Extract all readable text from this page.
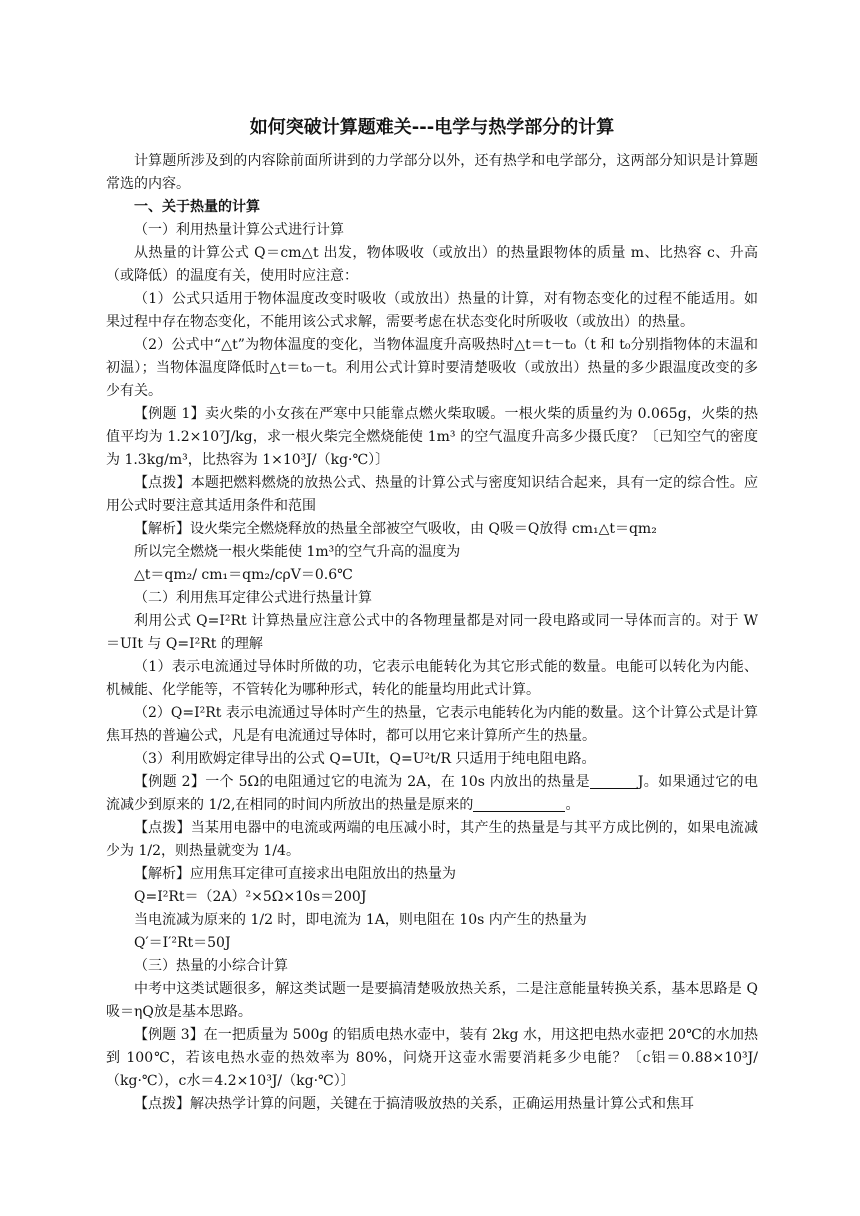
如何突破计算题难关---电学与热学部分的计算

计算题所涉及到的内容除前面所讲到的力学部分以外，还有热学和电学部分，这两部分知识是计算题常选的内容。

一、关于热量的计算

（一）利用热量计算公式进行计算

从热量的计算公式 Q＝cm△t 出发，物体吸收（或放出）的热量跟物体的质量 m、比热容 c、升高（或降低）的温度有关，使用时应注意：

（1）公式只适用于物体温度改变时吸收（或放出）热量的计算，对有物态变化的过程不能适用。如果过程中存在物态变化，不能用该公式求解，需要考虑在状态变化时所吸收（或放出）的热量。

（2）公式中“△t”为物体温度的变化，当物体温度升高吸热时△t＝t－t₀（t 和 t₀分别指物体的末温和初温）；当物体温度降低时△t＝t₀－t。利用公式计算时要清楚吸收（或放出）热量的多少跟温度改变的多少有关。

【例题 1】卖火柴的小女孩在严寒中只能靠点燃火柴取暖。一根火柴的质量约为 0.065g，火柴的热值平均为 1.2×10⁷J/kg，求一根火柴完全燃烧能使 1m³ 的空气温度升高多少摄氏度？〔已知空气的密度为 1.3kg/m³，比热容为 1×10³J/（kg·℃）〕

【点拨】本题把燃料燃烧的放热公式、热量的计算公式与密度知识结合起来，具有一定的综合性。应用公式时要注意其适用条件和范围

【解析】设火柴完全燃烧释放的热量全部被空气吸收，由 Q吸＝Q放得 cm₁△t＝qm₂

所以完全燃烧一根火柴能使 1m³的空气升高的温度为

△t＝qm₂/ cm₁＝qm₂/cρV＝0.6℃

（二）利用焦耳定律公式进行热量计算

利用公式 Q=I²Rt 计算热量应注意公式中的各物理量都是对同一段电路或同一导体而言的。对于 W＝UIt 与 Q=I²Rt 的理解

（1）表示电流通过导体时所做的功，它表示电能转化为其它形式能的数量。电能可以转化为内能、机械能、化学能等，不管转化为哪种形式，转化的能量均用此式计算。

（2）Q=I²Rt 表示电流通过导体时产生的热量，它表示电能转化为内能的数量。这个计算公式是计算焦耳热的普遍公式，凡是有电流通过导体时，都可以用它来计算所产生的热量。

（3）利用欧姆定律导出的公式 Q=UIt，Q=U²t/R 只适用于纯电阻电路。

【例题 2】一个 5Ω的电阻通过它的电流为 2A，在 10s 内放出的热量是	J。如果通过它的电流减少到原来的 1/2,在相同的时间内所放出的热量是原来的	。

【点拨】当某用电器中的电流或两端的电压减小时，其产生的热量是与其平方成比例的，如果电流减少为 1/2，则热量就变为 1/4。

【解析】应用焦耳定律可直接求出电阻放出的热量为

Q=I²Rt＝（2A）²×5Ω×10s＝200J

当电流减为原来的 1/2 时，即电流为 1A，则电阻在 10s 内产生的热量为

Q′＝I′²Rt＝50J

（三）热量的小综合计算

中考中这类试题很多，解这类试题一是要搞清楚吸放热关系，二是注意能量转换关系，基本思路是 Q吸＝ηQ放是基本思路。

【例题 3】在一把质量为 500g 的铝质电热水壶中，装有 2kg 水，用这把电热水壶把 20℃的水加热到 100℃，若该电热水壶的热效率为 80%，问烧开这壶水需要消耗多少电能？〔c铝＝0.88×10³J/（kg·℃），c水＝4.2×10³J/（kg·℃）〕

【点拨】解决热学计算的问题，关键在于搞清吸放热的关系，正确运用热量计算公式和焦耳
